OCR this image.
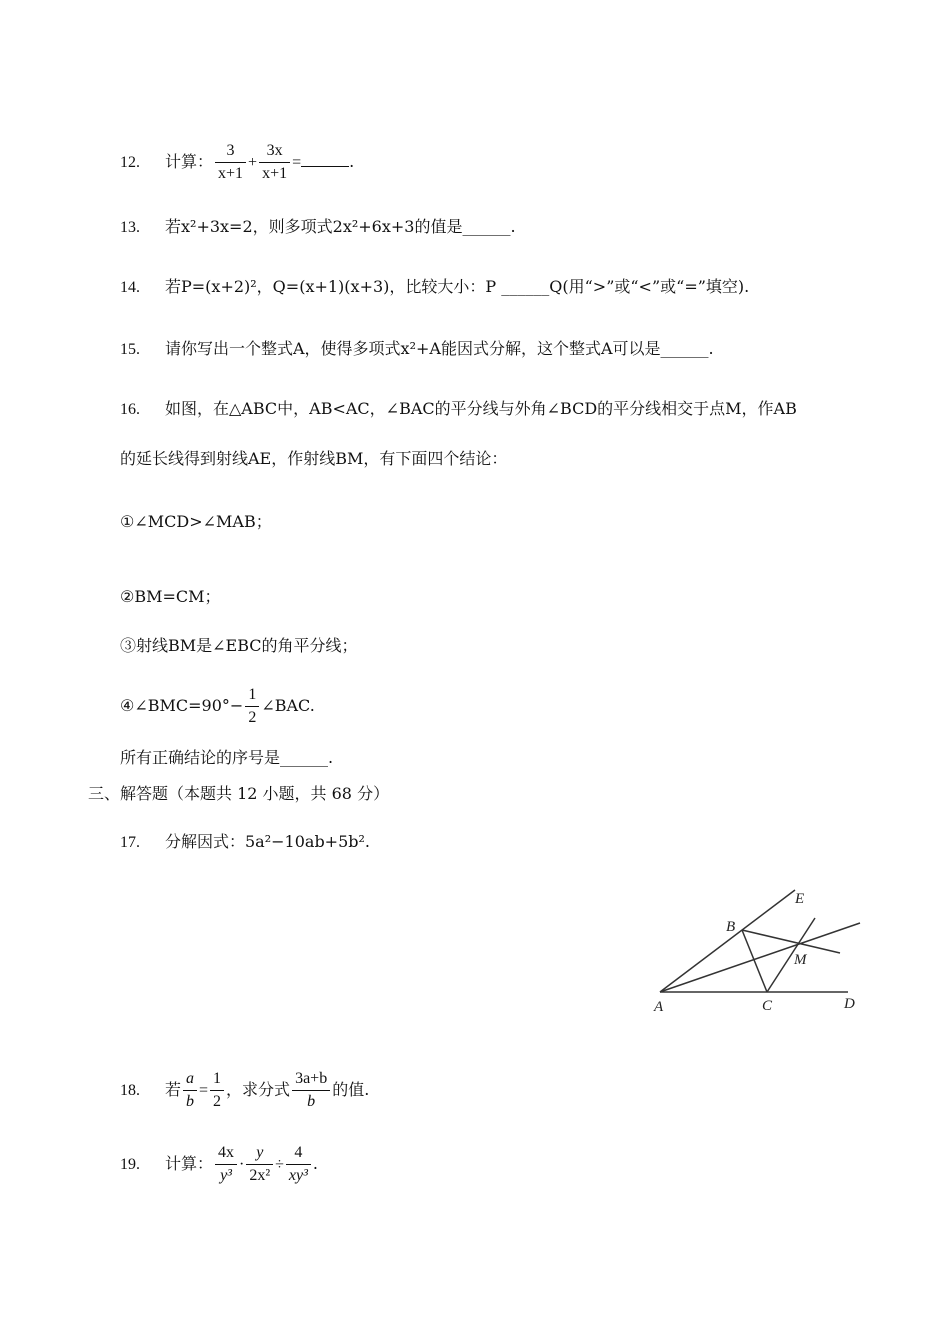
12. 计算： $\frac{3}{x+1} + \frac{3x}{x+1}$ =	.
13. 若x²+3x=2，则多项式2x²+6x+3的值是______.
14. 若P=(x+2)²，Q=(x+1)(x+3)，比较大小：P ______Q(用“>”或“<”或“=”填空).
15. 请你写出一个整式A，使得多项式x²+A能因式分解，这个整式A可以是______.
16. 如图，在△ABC中，AB<AC，∠BAC的平分线与外角∠BCD的平分线相交于点M，作AB
的延长线得到射线AE，作射线BM，有下面四个结论：
①∠MCD>∠MAB；
②BM=CM；
③射线BM是∠EBC的角平分线；
④∠BMC=90°− $\frac{1}{2}$ ∠BAC.
所有正确结论的序号是______.
三、解答题（本题共 12 小题，共 68 分）
17. 分解因式：5a²−10ab+5b².
A
B
C	D
E
M
18. 若 $\frac{a}{b} = \frac{1}{2}$ ，求分式 $\frac{3a+b}{b}$ 的值.
19. 计算： $\frac{4x}{\text{y³}} \cdot \frac{y}{\text{2x²}} \div \frac{4}{\text{xy³}}$ .
